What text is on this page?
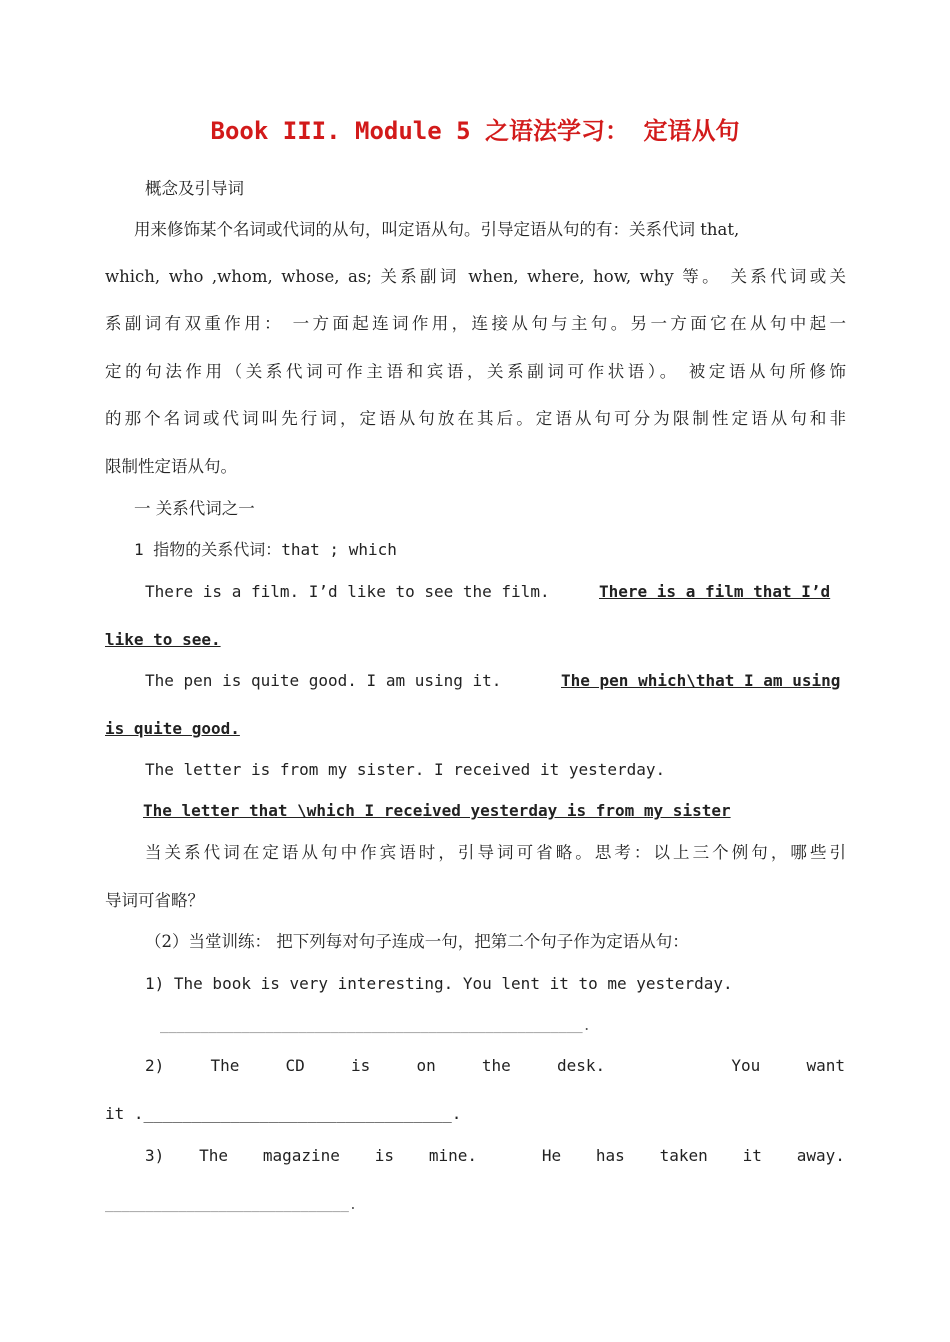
Book III. Module 5 之语法学习： 定语从句
概念及引导词
用来修饰某个名词或代词的从句，叫定语从句。引导定语从句的有：关系代词 that,
which, who ,whom, whose, as; 关系副词 when, where, how, why 等。 关系代词或关
系副词有双重作用： 一方面起连词作用，连接从句与主句。另一方面它在从句中起一
定的句法作用（关系代词可作主语和宾语，关系副词可作状语）。 被定语从句所修饰
的那个名词或代词叫先行词，定语从句放在其后。定语从句可分为限制性定语从句和非
限制性定语从句。
一 关系代词之一
1 指物的关系代词：that ; which
There is a film. I’d like to see the film.	There is a film that I’d
like to see.
The pen is quite good. I am using it.	The pen which\that I am using
is quite good.
The letter is from my sister. I received it yesterday.
The letter that \which I received yesterday is from my sister
当关系代词在定语从句中作宾语时，引导词可省略。思考：以上三个例句，哪些引
导词可省略？
（2）当堂训练： 把下列每对句子连成一句，把第二个句子作为定语从句：
1) The book is very interesting. You lent it to me yesterday.
____________________________________________________.
2)	The	CD	is	on	the	desk.	You	want
it .________________________________.
3) The magazine is mine.	He has taken it away.
______________________________.
